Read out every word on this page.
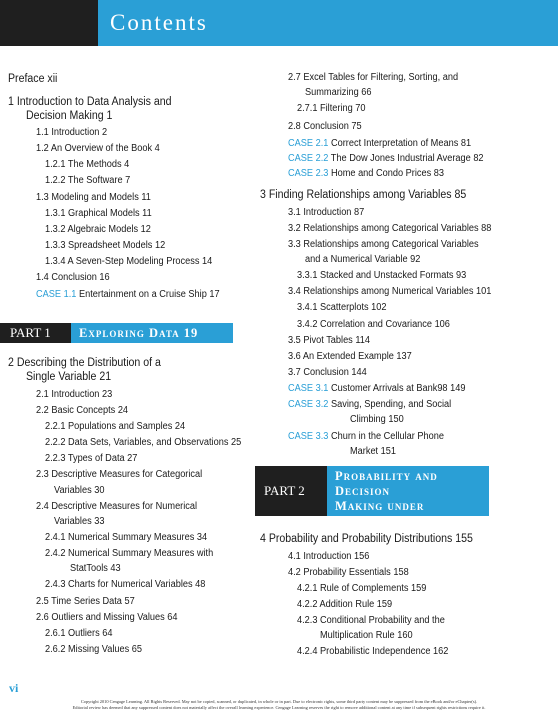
Contents
Preface xii
1 Introduction to Data Analysis and
Decision Making 1
1.1 Introduction 2
1.2 An Overview of the Book 4
1.2.1 The Methods 4
1.2.2 The Software 7
1.3 Modeling and Models 11
1.3.1 Graphical Models 11
1.3.2 Algebraic Models 12
1.3.3 Spreadsheet Models 12
1.3.4 A Seven-Step Modeling Process 14
1.4 Conclusion 16
CASE 1.1 Entertainment on a Cruise Ship 17
2 Describing the Distribution of a
Single Variable 21
2.1 Introduction 23
2.2 Basic Concepts 24
2.2.1 Populations and Samples 24
2.2.2 Data Sets, Variables, and Observations 25
2.2.3 Types of Data 27
2.3 Descriptive Measures for Categorical
Variables 30
2.4 Descriptive Measures for Numerical
Variables 33
2.4.1 Numerical Summary Measures 34
2.4.2 Numerical Summary Measures with
StatTools 43
2.4.3 Charts for Numerical Variables 48
2.5 Time Series Data 57
2.6 Outliers and Missing Values 64
2.6.1 Outliers 64
2.6.2 Missing Values 65
2.7 Excel Tables for Filtering, Sorting, and
Summarizing 66
2.7.1 Filtering 70
2.8 Conclusion 75
CASE 2.1 Correct Interpretation of Means 81
CASE 2.2 The Dow Jones Industrial Average 82
CASE 2.3 Home and Condo Prices 83
3 Finding Relationships among Variables 85
3.1 Introduction 87
3.2 Relationships among Categorical Variables 88
3.3 Relationships among Categorical Variables
and a Numerical Variable 92
3.3.1 Stacked and Unstacked Formats 93
3.4 Relationships among Numerical Variables 101
3.4.1 Scatterplots 102
3.4.2 Correlation and Covariance 106
3.5 Pivot Tables 114
3.6 An Extended Example 137
3.7 Conclusion 144
CASE 3.1 Customer Arrivals at Bank98 149
CASE 3.2 Saving, Spending, and Social
Climbing 150
CASE 3.3 Churn in the Cellular Phone
Market 151
4 Probability and Probability Distributions 155
4.1 Introduction 156
4.2 Probability Essentials 158
4.2.1 Rule of Complements 159
4.2.2 Addition Rule 159
4.2.3 Conditional Probability and the
Multiplication Rule 160
4.2.4 Probabilistic Independence 162
PART 1	Exploring Data 19
PART 2
Probability and Decision
Making under
Uncertainty 153
vi
Copyright 2010 Cengage Learning. All Rights Reserved. May not be copied, scanned, or duplicated, in whole or in part. Due to electronic rights, some third party content may be suppressed from the eBook and/or eChapter(s).
Editorial review has deemed that any suppressed content does not materially affect the overall learning experience. Cengage Learning reserves the right to remove additional content at any time if subsequent rights restrictions require it.
